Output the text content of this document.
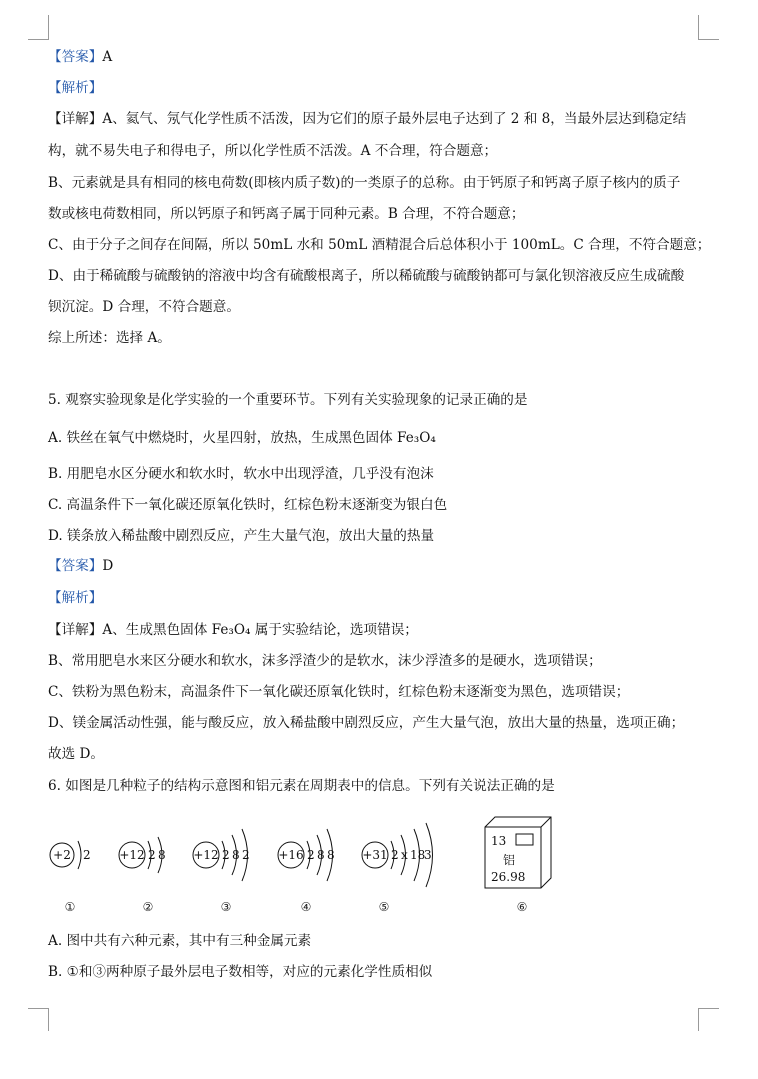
【答案】A
【解析】
【详解】A、氦气、氖气化学性质不活泼，因为它们的原子最外层电子达到了 2 和 8，当最外层达到稳定结
构，就不易失电子和得电子，所以化学性质不活泼。A 不合理，符合题意；
B、元素就是具有相同的核电荷数(即核内质子数)的一类原子的总称。由于钙原子和钙离子原子核内的质子
数或核电荷数相同，所以钙原子和钙离子属于同种元素。B 合理，不符合题意；
C、由于分子之间存在间隔，所以 50mL 水和 50mL 酒精混合后总体积小于 100mL。C 合理，不符合题意；
D、由于稀硫酸与硫酸钠的溶液中均含有硫酸根离子，所以稀硫酸与硫酸钠都可与氯化钡溶液反应生成硫酸
钡沉淀。D 合理，不符合题意。
综上所述：选择 A。
5. 观察实验现象是化学实验的一个重要环节。下列有关实验现象的记录正确的是
A. 铁丝在氧气中燃烧时，火星四射，放热，生成黑色固体 Fe₃O₄
B. 用肥皂水区分硬水和软水时，软水中出现浮渣，几乎没有泡沫
C. 高温条件下一氧化碳还原氧化铁时，红棕色粉末逐渐变为银白色
D. 镁条放入稀盐酸中剧烈反应，产生大量气泡，放出大量的热量
【答案】D
【解析】
【详解】A、生成黑色固体 Fe₃O₄ 属于实验结论，选项错误；
B、常用肥皂水来区分硬水和软水，沫多浮渣少的是软水，沫少浮渣多的是硬水，选项错误；
C、铁粉为黑色粉末，高温条件下一氧化碳还原氧化铁时，红棕色粉末逐渐变为黑色，选项错误；
D、镁金属活动性强，能与酸反应，放入稀盐酸中剧烈反应，产生大量气泡，放出大量的热量，选项正确；
故选 D。
6. 如图是几种粒子的结构示意图和铝元素在周期表中的信息。下列有关说法正确的是
+2 2
①
+12 2 8
②
+12 2 8 2
③
+16 2 8 8
④
+31 2 x 18
3
⑤
13
铝
26.98
⑥
A. 图中共有六种元素，其中有三种金属元素
B. ①和③两种原子最外层电子数相等，对应的元素化学性质相似
